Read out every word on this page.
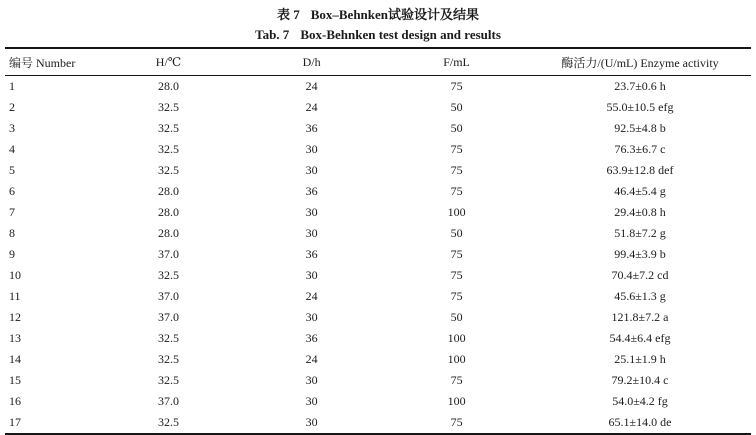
表 7 Box–Behnken试验设计及结果
Tab. 7 Box-Behnken test design and results
编号 Number	H/℃	D/h	F/mL	酶活力/(U/mL) Enzyme activity
1	28.0	24	75	23.7±0.6 h
2	32.5	24	50	55.0±10.5 efg
3	32.5	36	50	92.5±4.8 b
4	32.5	30	75	76.3±6.7 c
5	32.5	30	75	63.9±12.8 def
6	28.0	36	75	46.4±5.4 g
7	28.0	30	100	29.4±0.8 h
8	28.0	30	50	51.8±7.2 g
9	37.0	36	75	99.4±3.9 b
10	32.5	30	75	70.4±7.2 cd
11	37.0	24	75	45.6±1.3 g
12	37.0	30	50	121.8±7.2 a
13	32.5	36	100	54.4±6.4 efg
14	32.5	24	100	25.1±1.9 h
15	32.5	30	75	79.2±10.4 c
16	37.0	30	100	54.0±4.2 fg
17	32.5	30	75	65.1±14.0 de
